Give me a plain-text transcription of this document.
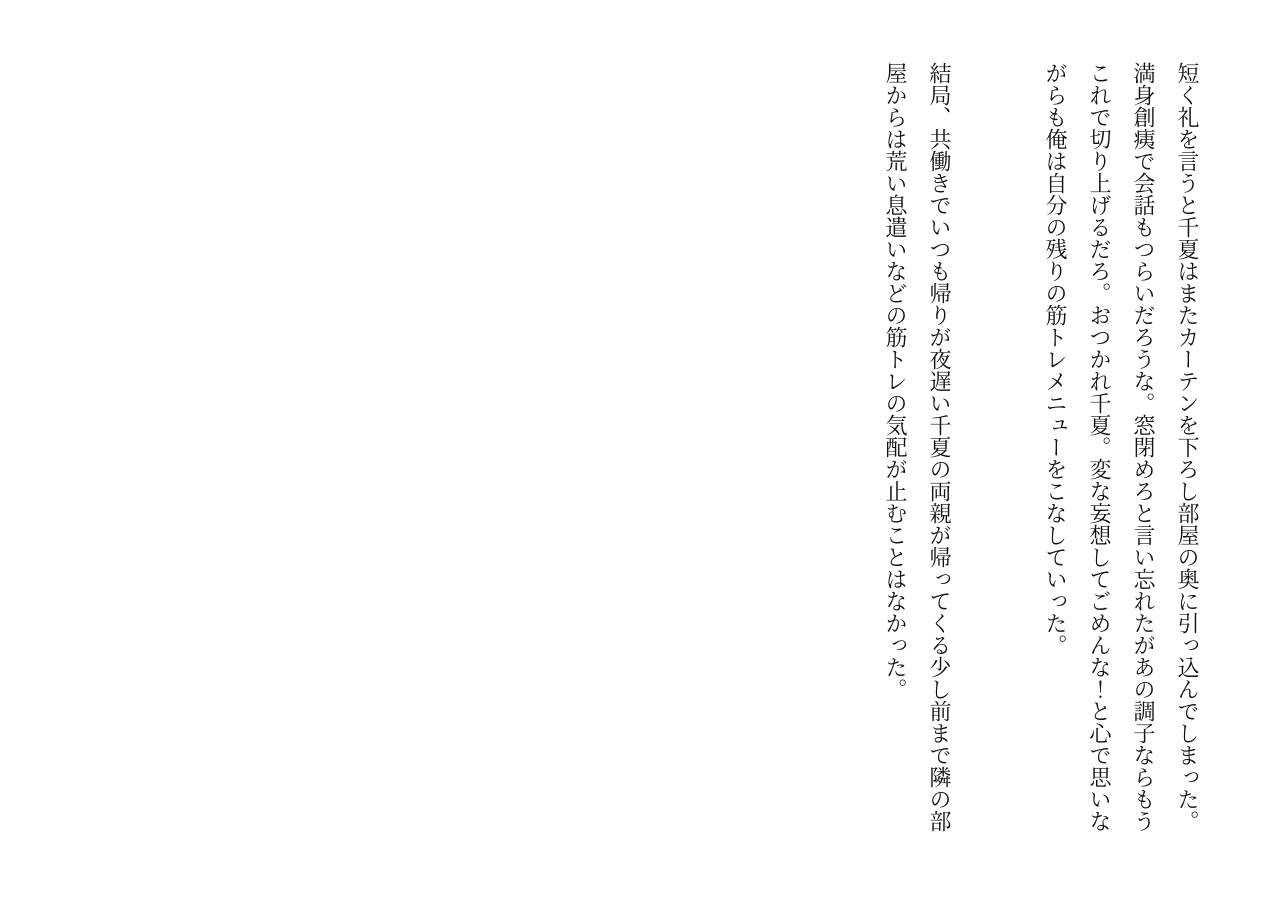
短く礼を言うと千夏はまたカーテンを下ろし部屋の奥に引っ込んでしまった。
満身創痍で会話もつらいだろうな。窓閉めろと言い忘れたがあの調子ならもう
これで切り上げるだろ。おつかれ千夏。変な妄想してごめんな！と心で思いな
がらも俺は自分の残りの筋トレメニューをこなしていった。
結局、共働きでいつも帰りが夜遅い千夏の両親が帰ってくる少し前まで隣の部
屋からは荒い息遣いなどの筋トレの気配が止むことはなかった。
